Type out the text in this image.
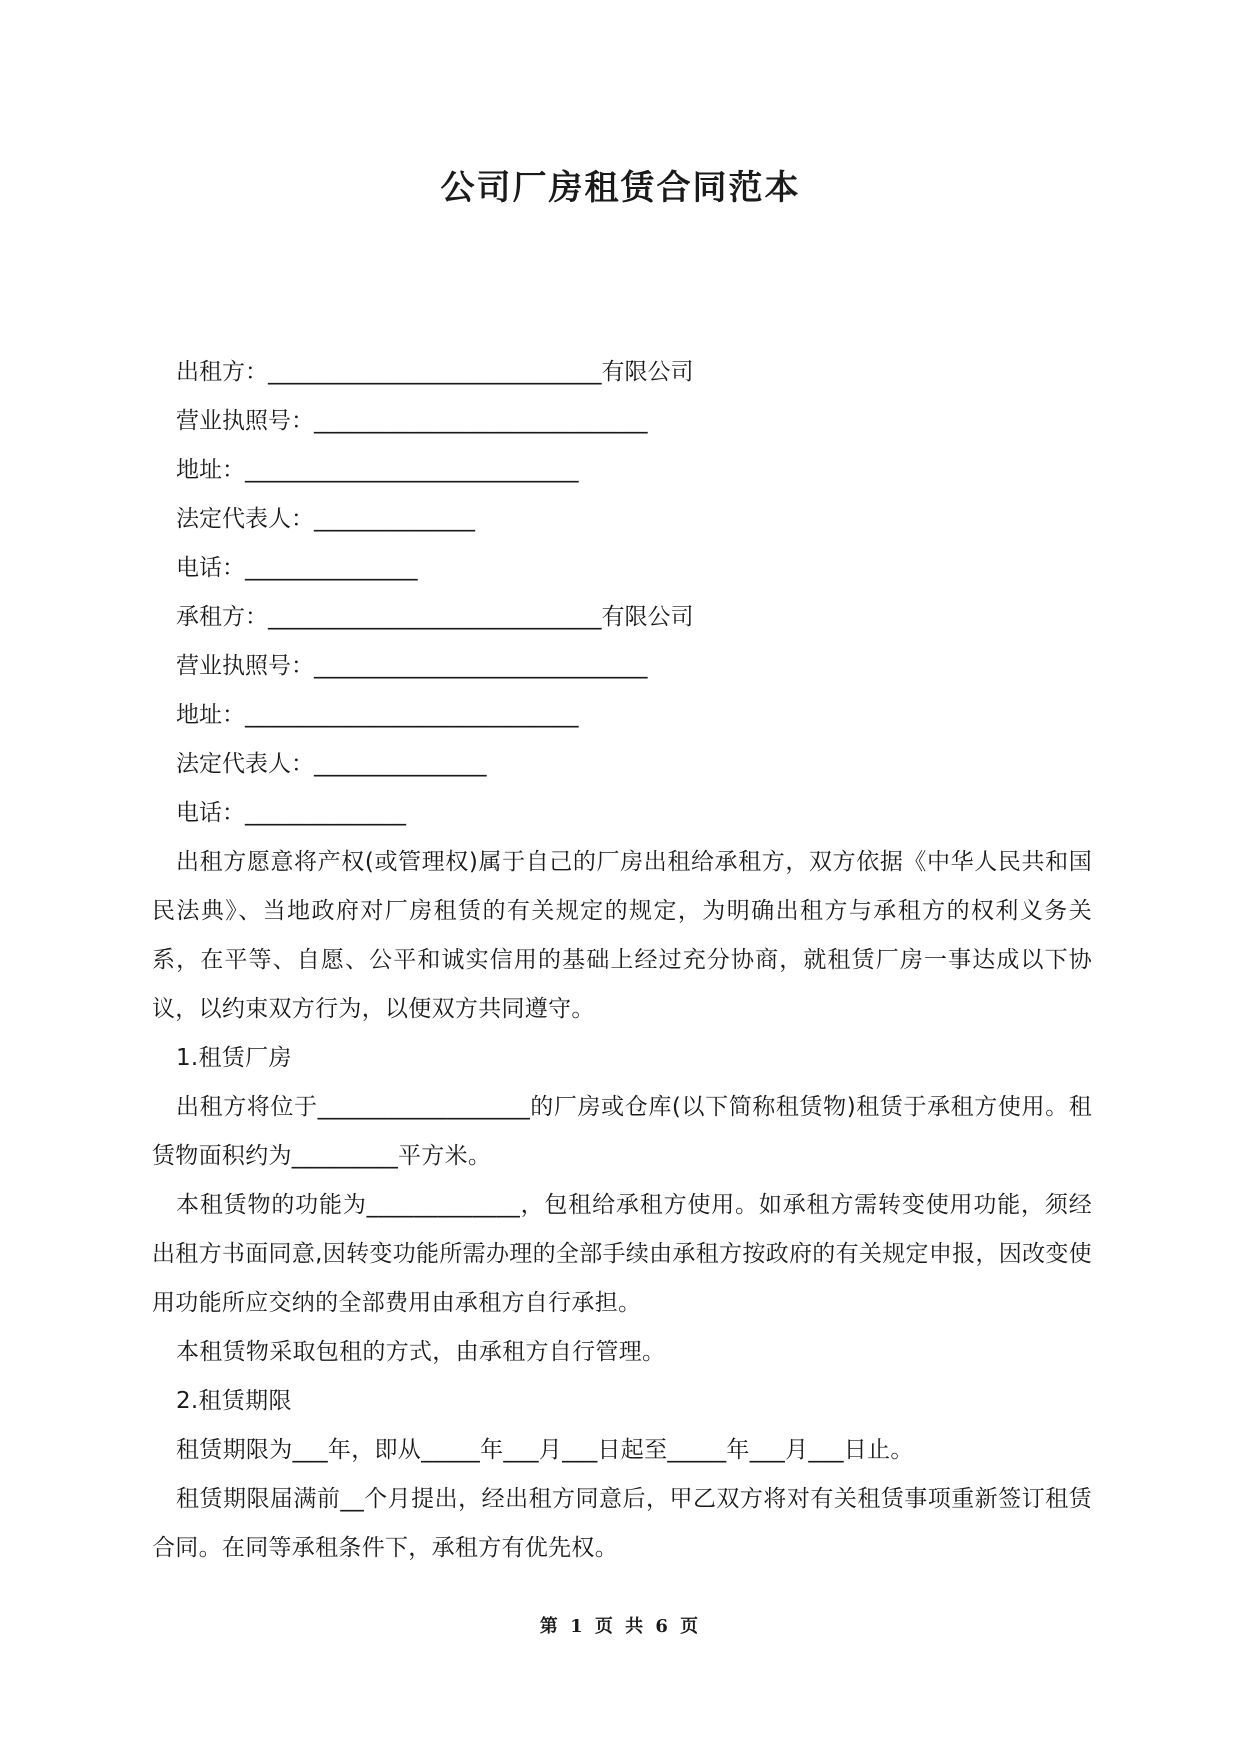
公司厂房租赁合同范本

出租方：_____________________________有限公司

营业执照号：_____________________________

地址：_____________________________

法定代表人：______________

电话：_______________

承租方：_____________________________有限公司

营业执照号：_____________________________

地址：_____________________________

法定代表人：_______________

电话：______________

出租方愿意将产权(或管理权)属于自己的厂房出租给承租方，双方依据《中华人民共和国民法典》、当地政府对厂房租赁的有关规定的规定，为明确出租方与承租方的权利义务关系，在平等、自愿、公平和诚实信用的基础上经过充分协商，就租赁厂房一事达成以下协议，以约束双方行为，以便双方共同遵守。

1.租赁厂房

出租方将位于__________________的厂房或仓库(以下简称租赁物)租赁于承租方使用。租赁物面积约为_________平方米。

本租赁物的功能为_____________，包租给承租方使用。如承租方需转变使用功能，须经出租方书面同意,因转变功能所需办理的全部手续由承租方按政府的有关规定申报，因改变使用功能所应交纳的全部费用由承租方自行承担。

本租赁物采取包租的方式，由承租方自行管理。

2.租赁期限

租赁期限为___年，即从_____年___月___日起至_____年___月___日止。

租赁期限届满前__个月提出，经出租方同意后，甲乙双方将对有关租赁事项重新签订租赁合同。在同等承租条件下，承租方有优先权。

第 1 页 共 6 页
